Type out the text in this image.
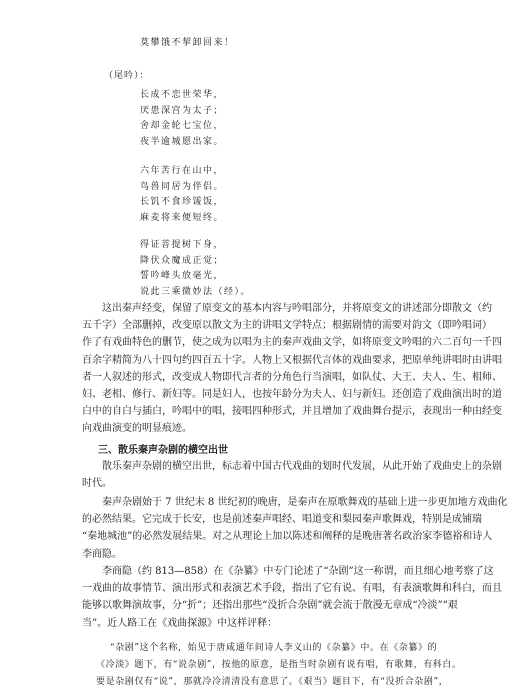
莫攀饿不挈卸回来！
（尾吟）：
长成不恋世荣华，
厌患深宫为太子；
舍却金轮七宝位，
夜半逾城愿出家。
六年苦行在山中，
鸟兽同居为伴侣。
长饥不食珍馐饭，
麻麦将来便短终。
得证菩提树下身，
降伏众魔成正觉；
誓吟峰头放毫光，
说此三乘微妙法（经）。
这出秦声经变，保留了原变文的基本内容与吟唱部分，并将原变文的讲述部分即散文（约
五千字）全部删掉，改变原以散文为主的讲唱文学特点；根据剧情的需要对韵文（即吟唱词）
作了有戏曲特色的删节，使之成为以唱为主的秦声戏曲文学，如将原变文吟唱的六二百句一千四
百余字精简为八十四句约四百五十字。人物上又根据代言体的戏曲要求，把原单纯讲唱时由讲唱
者一人叙述的形式，改变成人物即代言者的分角色行当演唱，如队仗、大王、夫人、生、相师、
妇、老相、修行、新妇等。同是妇人，也按年龄分为夫人、妇与新妇。还创造了戏曲演出时的道
白中的自白与插白，吟唱中的唱，接唱四种形式，并且增加了戏曲舞台提示，表现出一种由经变
向戏曲演变的明显痕迹。
三、散乐秦声杂剧的横空出世
散乐秦声杂剧的横空出世，标志着中国古代戏曲的划时代发展，从此开始了戏曲史上的杂剧
时代。
秦声杂剧始于 7 世纪末 8 世纪初的晚唐，是秦声在原歌舞戏的基础上进一步更加地方戏曲化
的必然结果。它完成于长安，也是前述秦声唱经、唱道变和梨园秦声歌舞戏，特别是成铺瑞
“秦地城池”的必然发展结果。对之从理论上加以陈述和阐释的是晚唐著名政治家李德裕和诗人
李商隐。
李商隐（约 813—858）在《杂纂》中专门论述了“杂剧”这一称谓，而且细心地考察了这
一戏曲的故事情节、演出形式和表演艺术手段，指出了它有说、有唱，有表演歌舞和科白，而且
能够以歌舞演故事，分“折”；还指出那些“没折合杂剧”就会流于散漫无章成“冷淡”“艰
当”。近人路工在《戏曲探源》中这样评释：
“杂剧”这个名称，始见于唐咸通年间诗人李义山的《杂纂》中。在《杂纂》的
《冷淡》题下，有“说杂剧”，按他的原意，是指当时杂剧有说有唱，有歌舞，有科白。
要是杂剧仅有“说”，那就冷冷清清没有意思了。《艰当》题目下，有“没折合杂剧”，
